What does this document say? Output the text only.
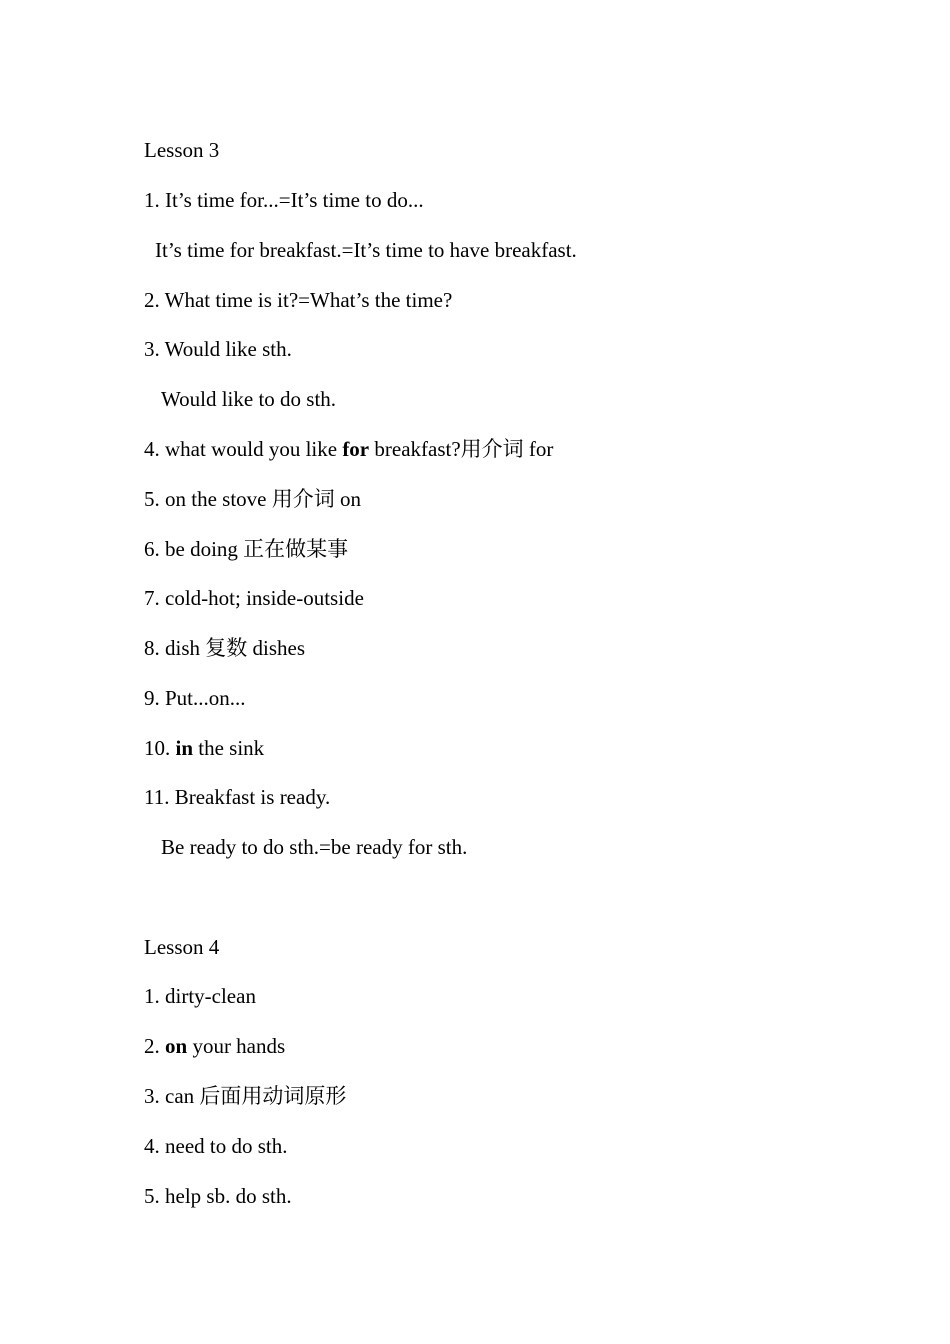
Lesson 3
1. It’s time for...=It’s time to do...
It’s time for breakfast.=It’s time to have breakfast.
2. What time is it?=What’s the time?
3. Would like sth.
Would like to do sth.
4. what would you like for breakfast?用介词 for
5. on the stove 用介词 on
6. be doing 正在做某事
7. cold-hot; inside-outside
8. dish 复数 dishes
9. Put...on...
10. in the sink
11. Breakfast is ready.
Be ready to do sth.=be ready for sth.
Lesson 4
1. dirty-clean
2. on your hands
3. can 后面用动词原形
4. need to do sth.
5. help sb. do sth.
